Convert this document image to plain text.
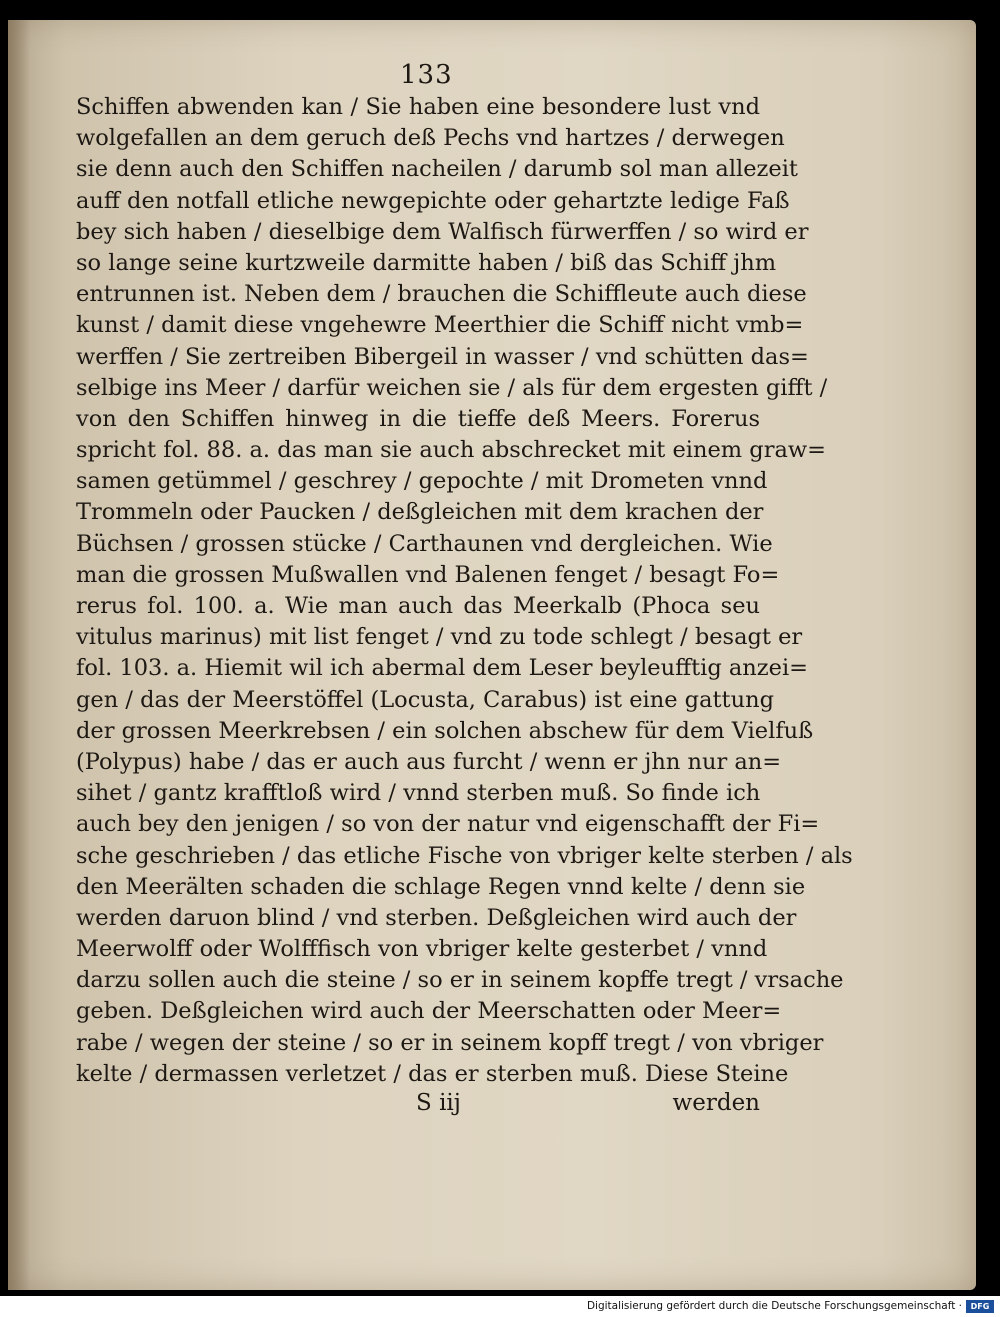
133
Schiffen abwenden kan / Sie haben eine besondere lust vnd
wolgefallen an dem geruch deß Pechs vnd hartzes / derwegen
sie denn auch den Schiffen nacheilen / darumb sol man allezeit
auff den notfall etliche newgepichte oder gehartzte ledige Faß
bey sich haben / dieselbige dem Walfisch fürwerffen / so wird er
so lange seine kurtzweile darmitte haben / biß das Schiff jhm
entrunnen ist. Neben dem / brauchen die Schiffleute auch diese
kunst / damit diese vngehewre Meerthier die Schiff nicht vmb=
werffen / Sie zertreiben Bibergeil in wasser / vnd schütten das=
selbige ins Meer / darfür weichen sie / als für dem ergesten gifft /
von den Schiffen hinweg in die tieffe deß Meers. Forerus
spricht fol. 88. a. das man sie auch abschrecket mit einem graw=
samen getümmel / geschrey / gepochte / mit Drometen vnnd
Trommeln oder Paucken / deßgleichen mit dem krachen der
Büchsen / grossen stücke / Carthaunen vnd dergleichen. Wie
man die grossen Mußwallen vnd Balenen fenget / besagt Fo=
rerus fol. 100. a. Wie man auch das Meerkalb (Phoca seu
vitulus marinus) mit list fenget / vnd zu tode schlegt / besagt er
fol. 103. a. Hiemit wil ich abermal dem Leser beyleufftig anzei=
gen / das der Meerstöffel (Locusta, Carabus) ist eine gattung
der grossen Meerkrebsen / ein solchen abschew für dem Vielfuß
(Polypus) habe / das er auch aus furcht / wenn er jhn nur an=
sihet / gantz krafftloß wird / vnnd sterben muß. So finde ich
auch bey den jenigen / so von der natur vnd eigenschafft der Fi=
sche geschrieben / das etliche Fische von vbriger kelte sterben / als
den Meerälten schaden die schlage Regen vnnd kelte / denn sie
werden daruon blind / vnd sterben. Deßgleichen wird auch der
Meerwolff oder Wolfffisch von vbriger kelte gesterbet / vnnd
darzu sollen auch die steine / so er in seinem kopffe tregt / vrsache
geben. Deßgleichen wird auch der Meerschatten oder Meer=
rabe / wegen der steine / so er in seinem kopff tregt / von vbriger
kelte / dermassen verletzet / das er sterben muß. Diese Steine
S iij	werden
Digitalisierung gefördert durch die Deutsche Forschungsgemeinschaft ·	DFG
